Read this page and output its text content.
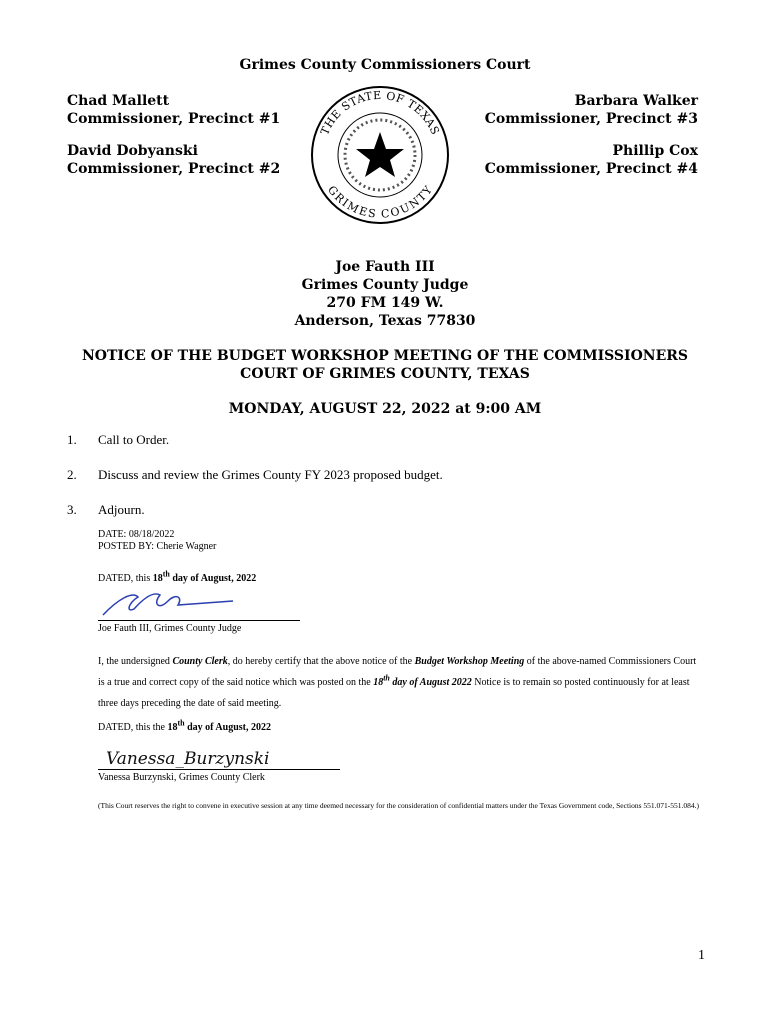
Grimes County Commissioners Court
Chad Mallett
Commissioner, Precinct #1
David Dobyanski
Commissioner, Precinct #2
Barbara Walker
Commissioner, Precinct #3
Phillip Cox
Commissioner, Precinct #4
THE STATE OF TEXAS
GRIMES COUNTY
Joe Fauth III
Grimes County Judge
270 FM 149 W.
Anderson, Texas 77830
NOTICE OF THE BUDGET WORKSHOP MEETING OF THE COMMISSIONERS
COURT OF GRIMES COUNTY, TEXAS
MONDAY, AUGUST 22, 2022 at 9:00 AM
1. Call to Order.
2. Discuss and review the Grimes County FY 2023 proposed budget.
3. Adjourn.
DATE: 08/18/2022
POSTED BY: Cherie Wagner
DATED, this 18th day of August, 2022
Joe Fauth III, Grimes County Judge
I, the undersigned County Clerk, do hereby certify that the above notice of the Budget Workshop Meeting of the above-named Commissioners Court is a true and correct copy of the said notice which was posted on the 18th day of August 2022 Notice is to remain so posted continuously for at least three days preceding the date of said meeting.
DATED, this the 18th day of August, 2022
Vanessa_Burzynski
Vanessa Burzynski, Grimes County Clerk
(This Court reserves the right to convene in executive session at any time deemed necessary for the consideration of confidential matters under the Texas Government code, Sections 551.071-551.084.)
1
